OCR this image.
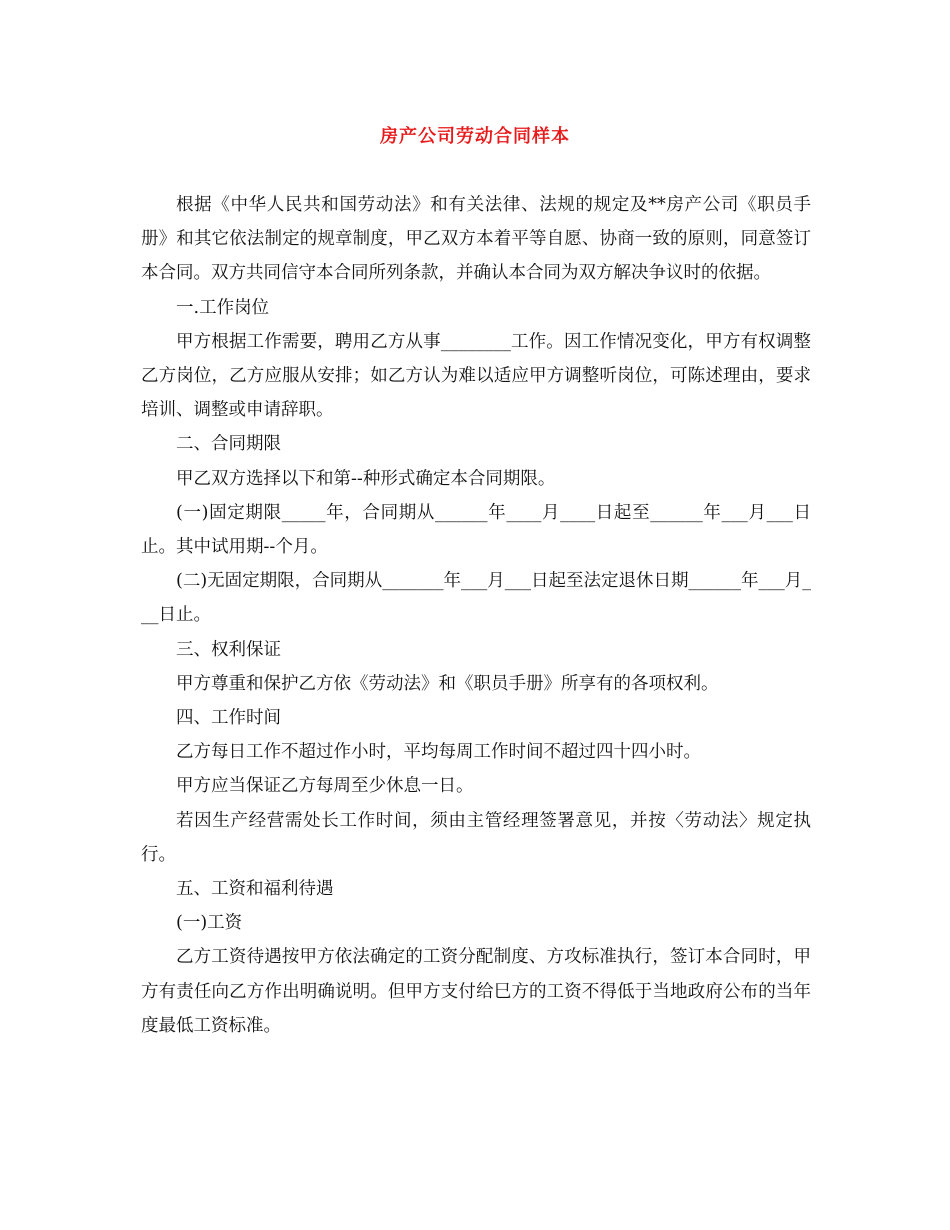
房产公司劳动合同样本

根据《中华人民共和国劳动法》和有关法律、法规的规定及**房产公司《职员手册》和其它依法制定的规章制度，甲乙双方本着平等自愿、协商一致的原则，同意签订本合同。双方共同信守本合同所列条款，并确认本合同为双方解决争议时的依据。

一.工作岗位

甲方根据工作需要，聘用乙方从事________工作。因工作情况变化，甲方有权调整乙方岗位，乙方应服从安排；如乙方认为难以适应甲方调整听岗位，可陈述理由，要求培训、调整或申请辞职。

二、合同期限

甲乙双方选择以下和第--种形式确定本合同期限。

(一)固定期限_____年，合同期从______年____月____日起至______年___月___日止。其中试用期--个月。

(二)无固定期限，合同期从_______年___月___日起至法定退休日期______年___月___日止。

三、权利保证

甲方尊重和保护乙方依《劳动法》和《职员手册》所享有的各项权利。

四、工作时间

乙方每日工作不超过作小时，平均每周工作时间不超过四十四小时。

甲方应当保证乙方每周至少休息一日。

若因生产经营需处长工作时间，须由主管经理签署意见，并按〈劳动法〉规定执行。

五、工资和福利待遇

(一)工资

乙方工资待遇按甲方依法确定的工资分配制度、方攻标准执行，签订本合同时，甲方有责任向乙方作出明确说明。但甲方支付给巳方的工资不得低于当地政府公布的当年度最低工资标准。
